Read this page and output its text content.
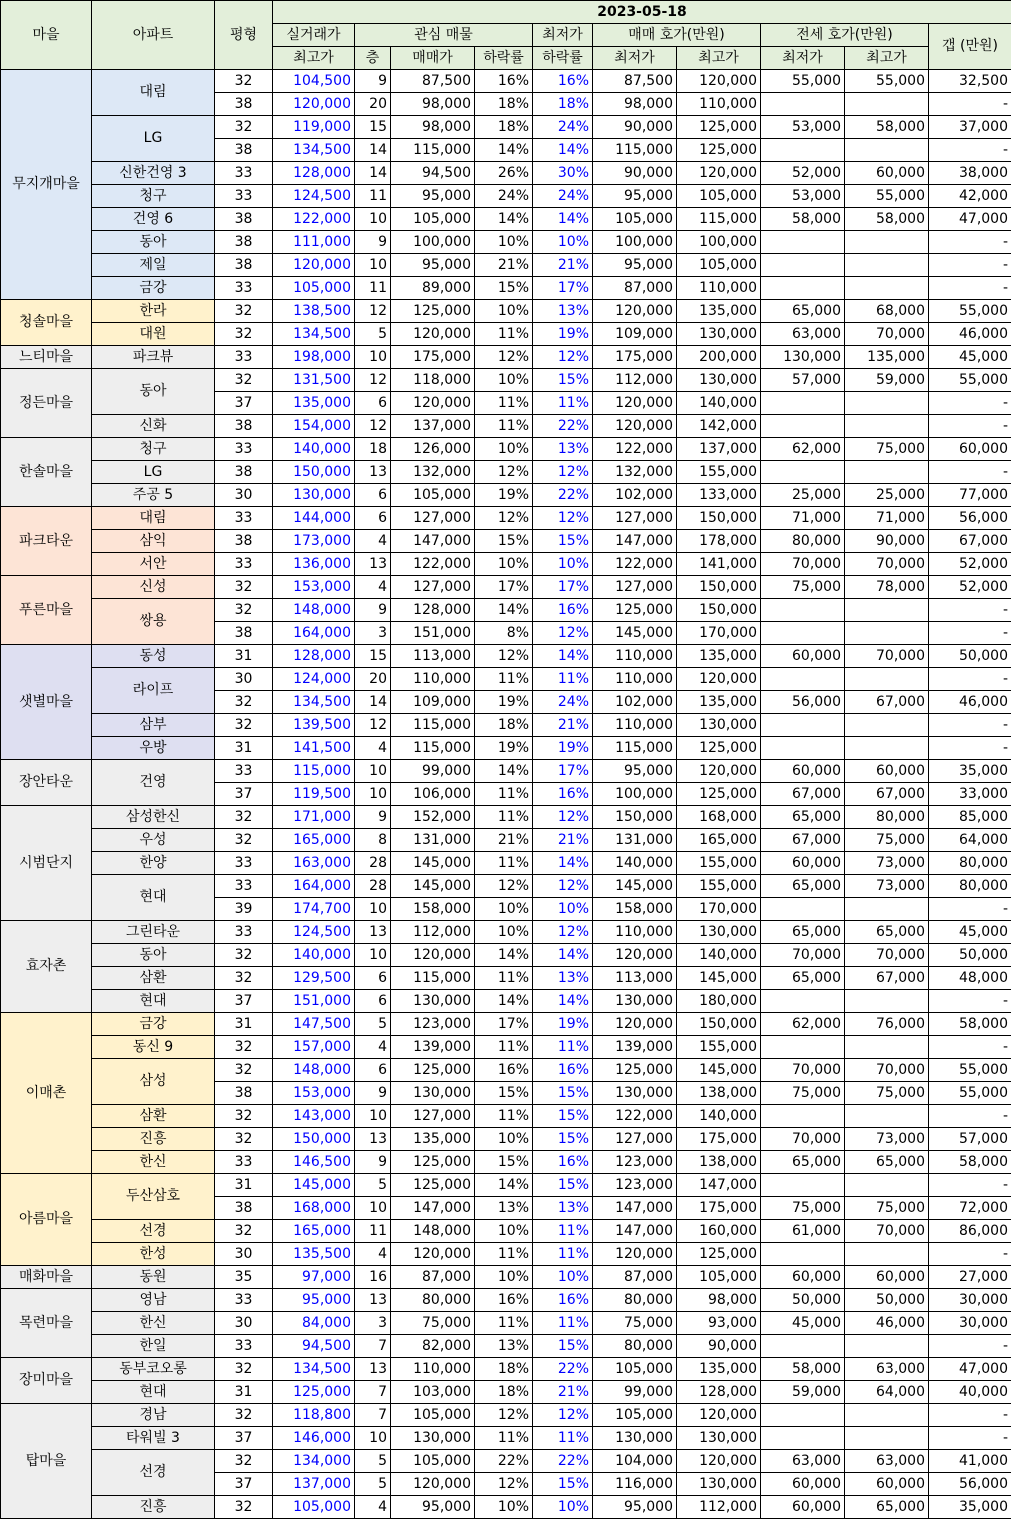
마을	아파트	평형	2023-05-18									
			실거래가	관심 매물			최저가	매매 호가(만원)		전세 호가(만원)		갭 (만원)
			최고가	층	매매가	하락률	하락률	최저가	최고가	최저가	최고가	
무지개마을	대림	32	104,500	9	87,500	16%	16%	87,500	120,000	55,000	55,000	32,500
		38	120,000	20	98,000	18%	18%	98,000	110,000			-
	LG	32	119,000	15	98,000	18%	24%	90,000	125,000	53,000	58,000	37,000
		38	134,500	14	115,000	14%	14%	115,000	125,000			-
	신한건영 3	33	128,000	14	94,500	26%	30%	90,000	120,000	52,000	60,000	38,000
	청구	33	124,500	11	95,000	24%	24%	95,000	105,000	53,000	55,000	42,000
	건영 6	38	122,000	10	105,000	14%	14%	105,000	115,000	58,000	58,000	47,000
	동아	38	111,000	9	100,000	10%	10%	100,000	100,000			-
	제일	38	120,000	10	95,000	21%	21%	95,000	105,000			-
	금강	33	105,000	11	89,000	15%	17%	87,000	110,000			-
청솔마을	한라	32	138,500	12	125,000	10%	13%	120,000	135,000	65,000	68,000	55,000
	대원	32	134,500	5	120,000	11%	19%	109,000	130,000	63,000	70,000	46,000
느티마을	파크뷰	33	198,000	10	175,000	12%	12%	175,000	200,000	130,000	135,000	45,000
정든마을	동아	32	131,500	12	118,000	10%	15%	112,000	130,000	57,000	59,000	55,000
		37	135,000	6	120,000	11%	11%	120,000	140,000			-
	신화	38	154,000	12	137,000	11%	22%	120,000	142,000			-
한솔마을	청구	33	140,000	18	126,000	10%	13%	122,000	137,000	62,000	75,000	60,000
	LG	38	150,000	13	132,000	12%	12%	132,000	155,000			-
	주공 5	30	130,000	6	105,000	19%	22%	102,000	133,000	25,000	25,000	77,000
파크타운	대림	33	144,000	6	127,000	12%	12%	127,000	150,000	71,000	71,000	56,000
	삼익	38	173,000	4	147,000	15%	15%	147,000	178,000	80,000	90,000	67,000
	서안	33	136,000	13	122,000	10%	10%	122,000	141,000	70,000	70,000	52,000
푸른마을	신성	32	153,000	4	127,000	17%	17%	127,000	150,000	75,000	78,000	52,000
	쌍용	32	148,000	9	128,000	14%	16%	125,000	150,000			-
		38	164,000	3	151,000	8%	12%	145,000	170,000			-
샛별마을	동성	31	128,000	15	113,000	12%	14%	110,000	135,000	60,000	70,000	50,000
	라이프	30	124,000	20	110,000	11%	11%	110,000	120,000			-
		32	134,500	14	109,000	19%	24%	102,000	135,000	56,000	67,000	46,000
	삼부	32	139,500	12	115,000	18%	21%	110,000	130,000			-
	우방	31	141,500	4	115,000	19%	19%	115,000	125,000			-
장안타운	건영	33	115,000	10	99,000	14%	17%	95,000	120,000	60,000	60,000	35,000
		37	119,500	10	106,000	11%	16%	100,000	125,000	67,000	67,000	33,000
시범단지	삼성한신	32	171,000	9	152,000	11%	12%	150,000	168,000	65,000	80,000	85,000
	우성	32	165,000	8	131,000	21%	21%	131,000	165,000	67,000	75,000	64,000
	한양	33	163,000	28	145,000	11%	14%	140,000	155,000	60,000	73,000	80,000
	현대	33	164,000	28	145,000	12%	12%	145,000	155,000	65,000	73,000	80,000
		39	174,700	10	158,000	10%	10%	158,000	170,000			-
효자촌	그린타운	33	124,500	13	112,000	10%	12%	110,000	130,000	65,000	65,000	45,000
	동아	32	140,000	10	120,000	14%	14%	120,000	140,000	70,000	70,000	50,000
	삼환	32	129,500	6	115,000	11%	13%	113,000	145,000	65,000	67,000	48,000
	현대	37	151,000	6	130,000	14%	14%	130,000	180,000			-
이매촌	금강	31	147,500	5	123,000	17%	19%	120,000	150,000	62,000	76,000	58,000
	동신 9	32	157,000	4	139,000	11%	11%	139,000	155,000			-
	삼성	32	148,000	6	125,000	16%	16%	125,000	145,000	70,000	70,000	55,000
		38	153,000	9	130,000	15%	15%	130,000	138,000	75,000	75,000	55,000
	삼환	32	143,000	10	127,000	11%	15%	122,000	140,000			-
	진흥	32	150,000	13	135,000	10%	15%	127,000	175,000	70,000	73,000	57,000
	한신	33	146,500	9	125,000	15%	16%	123,000	138,000	65,000	65,000	58,000
아름마을	두산삼호	31	145,000	5	125,000	14%	15%	123,000	147,000			-
		38	168,000	10	147,000	13%	13%	147,000	175,000	75,000	75,000	72,000
	선경	32	165,000	11	148,000	10%	11%	147,000	160,000	61,000	70,000	86,000
	한성	30	135,500	4	120,000	11%	11%	120,000	125,000			-
매화마을	동원	35	97,000	16	87,000	10%	10%	87,000	105,000	60,000	60,000	27,000
목련마을	영남	33	95,000	13	80,000	16%	16%	80,000	98,000	50,000	50,000	30,000
	한신	30	84,000	3	75,000	11%	11%	75,000	93,000	45,000	46,000	30,000
	한일	33	94,500	7	82,000	13%	15%	80,000	90,000			-
장미마을	동부코오롱	32	134,500	13	110,000	18%	22%	105,000	135,000	58,000	63,000	47,000
	현대	31	125,000	7	103,000	18%	21%	99,000	128,000	59,000	64,000	40,000
탑마을	경남	32	118,800	7	105,000	12%	12%	105,000	120,000			-
	타워빌 3	37	146,000	10	130,000	11%	11%	130,000	130,000			-
	선경	32	134,000	5	105,000	22%	22%	104,000	120,000	63,000	63,000	41,000
		37	137,000	5	120,000	12%	15%	116,000	130,000	60,000	60,000	56,000
	진흥	32	105,000	4	95,000	10%	10%	95,000	112,000	60,000	65,000	35,000
